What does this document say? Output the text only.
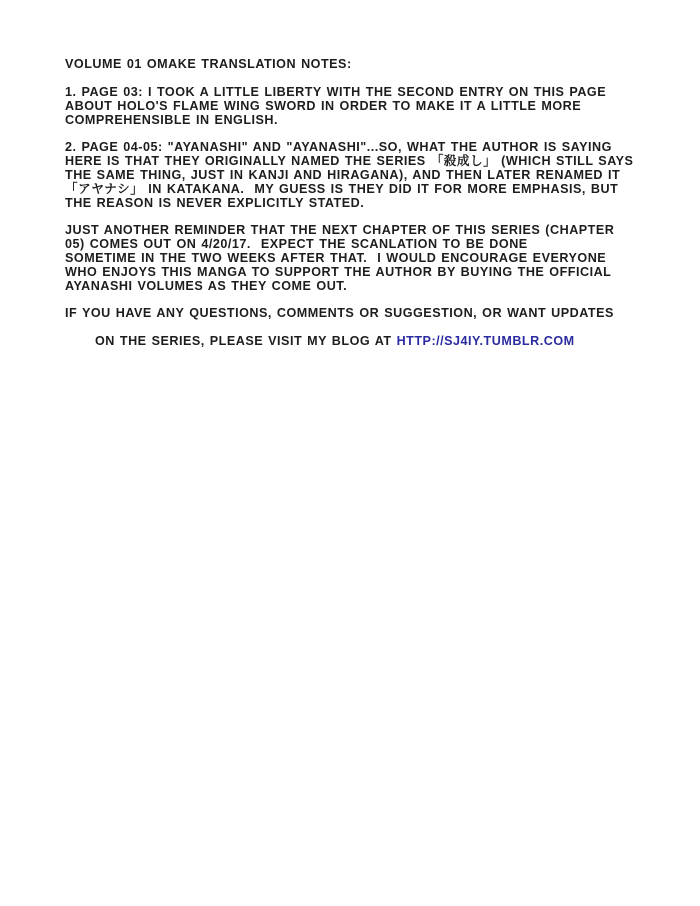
VOLUME 01 OMAKE TRANSLATION NOTES:
1. PAGE 03: I TOOK A LITTLE LIBERTY WITH THE SECOND ENTRY ON THIS PAGE
ABOUT HOLO'S FLAME WING SWORD IN ORDER TO MAKE IT A LITTLE MORE
COMPREHENSIBLE IN ENGLISH.
2. PAGE 04-05: "AYANASHI" AND "AYANASHI"...SO, WHAT THE AUTHOR IS SAYING
HERE IS THAT THEY ORIGINALLY NAMED THE SERIES 「殺成し」 (WHICH STILL SAYS
THE SAME THING, JUST IN KANJI AND HIRAGANA), AND THEN LATER RENAMED IT
「アヤナシ」 IN KATAKANA.  MY GUESS IS THEY DID IT FOR MORE EMPHASIS, BUT
THE REASON IS NEVER EXPLICITLY STATED.
JUST ANOTHER REMINDER THAT THE NEXT CHAPTER OF THIS SERIES (CHAPTER
05) COMES OUT ON 4/20/17.  EXPECT THE SCANLATION TO BE DONE
SOMETIME IN THE TWO WEEKS AFTER THAT.  I WOULD ENCOURAGE EVERYONE
WHO ENJOYS THIS MANGA TO SUPPORT THE AUTHOR BY BUYING THE OFFICIAL
AYANASHI VOLUMES AS THEY COME OUT.
IF YOU HAVE ANY QUESTIONS, COMMENTS OR SUGGESTION, OR WANT UPDATES

ON THE SERIES, PLEASE VISIT MY BLOG AT HTTP://SJ4IY.TUMBLR.COM
